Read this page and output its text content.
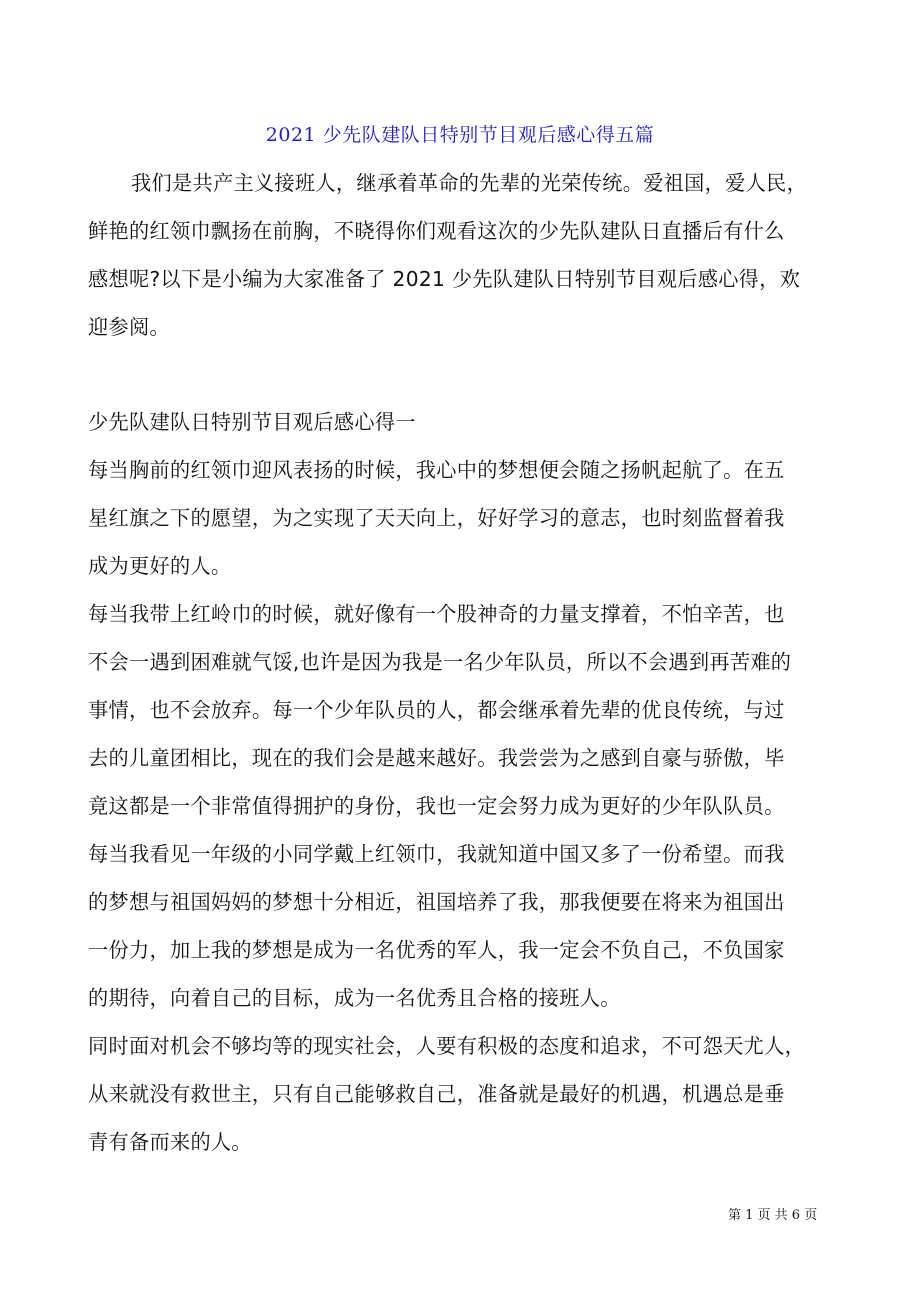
2021 少先队建队日特别节目观后感心得五篇
我们是共产主义接班人，继承着革命的先辈的光荣传统。爱祖国，爱人民，
鲜艳的红领巾飘扬在前胸，不晓得你们观看这次的少先队建队日直播后有什么
感想呢?以下是小编为大家准备了 2021 少先队建队日特别节目观后感心得，欢
迎参阅。
少先队建队日特别节目观后感心得一
每当胸前的红领巾迎风表扬的时候，我心中的梦想便会随之扬帆起航了。在五
星红旗之下的愿望，为之实现了天天向上，好好学习的意志，也时刻监督着我
成为更好的人。
每当我带上红岭巾的时候，就好像有一个股神奇的力量支撑着，不怕辛苦，也
不会一遇到困难就气馁,也许是因为我是一名少年队员，所以不会遇到再苦难的
事情，也不会放弃。每一个少年队员的人，都会继承着先辈的优良传统，与过
去的儿童团相比，现在的我们会是越来越好。我尝尝为之感到自豪与骄傲，毕
竟这都是一个非常值得拥护的身份，我也一定会努力成为更好的少年队队员。
每当我看见一年级的小同学戴上红领巾，我就知道中国又多了一份希望。而我
的梦想与祖国妈妈的梦想十分相近，祖国培养了我，那我便要在将来为祖国出
一份力，加上我的梦想是成为一名优秀的军人，我一定会不负自己，不负国家
的期待，向着自己的目标，成为一名优秀且合格的接班人。
同时面对机会不够均等的现实社会，人要有积极的态度和追求，不可怨天尤人，
从来就没有救世主，只有自己能够救自己，准备就是最好的机遇，机遇总是垂
青有备而来的人。
第 1 页 共 6 页
